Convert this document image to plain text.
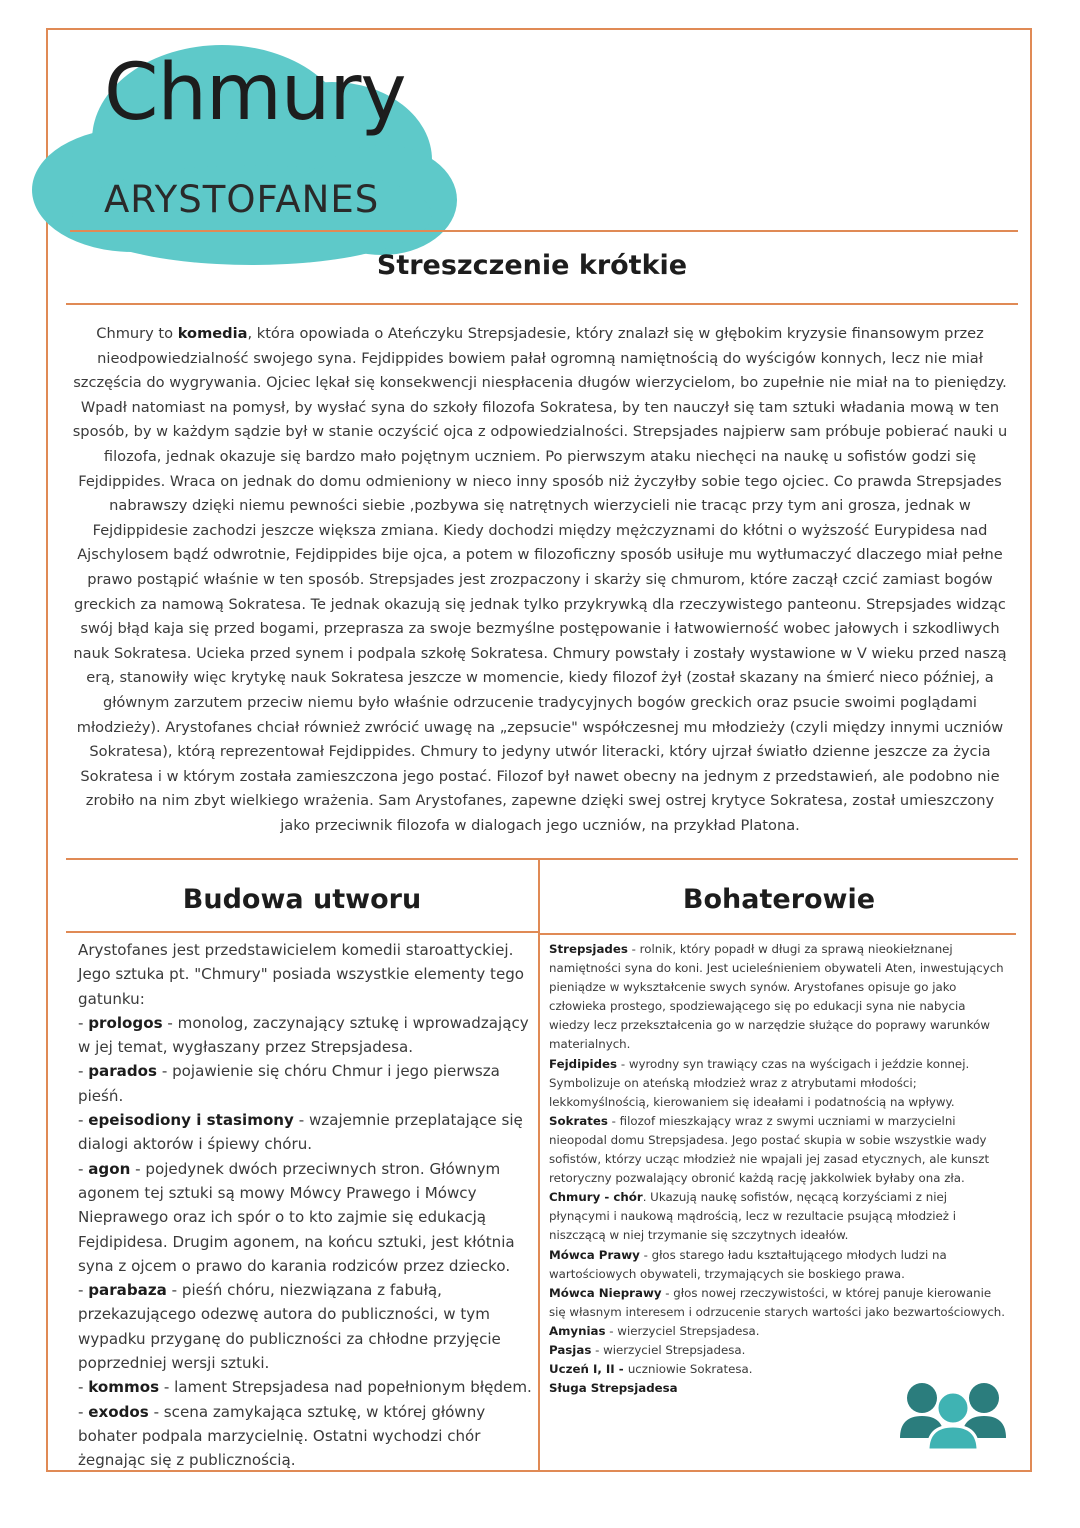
Chmury
ARYSTOFANES
Streszczenie krótkie
Chmury to komedia, która opowiada o Ateńczyku Strepsjadesie, który znalazł się w głębokim kryzysie finansowym przez nieodpowiedzialność swojego syna. Fejdippides bowiem pałał ogromną namiętnością do wyścigów konnych, lecz nie miał szczęścia do wygrywania. Ojciec lękał się konsekwencji niespłacenia długów wierzycielom, bo zupełnie nie miał na to pieniędzy. Wpadł natomiast na pomysł, by wysłać syna do szkoły filozofa Sokratesa, by ten nauczył się tam sztuki władania mową w ten sposób, by w każdym sądzie był w stanie oczyścić ojca z odpowiedzialności. Strepsjades najpierw sam próbuje pobierać nauki u filozofa, jednak okazuje się bardzo mało pojętnym uczniem. Po pierwszym ataku niechęci na naukę u sofistów godzi się Fejdippides. Wraca on jednak do domu odmieniony w nieco inny sposób niż życzyłby sobie tego ojciec. Co prawda Strepsjades nabrawszy dzięki niemu pewności siebie ,pozbywa się natrętnych wierzycieli nie tracąc przy tym ani grosza, jednak w Fejdippidesie zachodzi jeszcze większa zmiana. Kiedy dochodzi między mężczyznami do kłótni o wyższość Eurypidesa nad Ajschylosem bądź odwrotnie, Fejdippides bije ojca, a potem w filozoficzny sposób usiłuje mu wytłumaczyć dlaczego miał pełne prawo postąpić właśnie w ten sposób. Strepsjades jest zrozpaczony i skarży się chmurom, które zaczął czcić zamiast bogów greckich za namową Sokratesa. Te jednak okazują się jednak tylko przykrywką dla rzeczywistego panteonu. Strepsjades widząc swój błąd kaja się przed bogami, przeprasza za swoje bezmyślne postępowanie i łatwowierność wobec jałowych i szkodliwych nauk Sokratesa. Ucieka przed synem i podpala szkołę Sokratesa. Chmury powstały i zostały wystawione w V wieku przed naszą erą, stanowiły więc krytykę nauk Sokratesa jeszcze w momencie, kiedy filozof żył (został skazany na śmierć nieco później, a głównym zarzutem przeciw niemu było właśnie odrzucenie tradycyjnych bogów greckich oraz psucie swoimi poglądami młodzieży). Arystofanes chciał również zwrócić uwagę na „zepsucie" współczesnej mu młodzieży (czyli między innymi uczniów Sokratesa), którą reprezentował Fejdippides. Chmury to jedyny utwór literacki, który ujrzał światło dzienne jeszcze za życia Sokratesa i w którym została zamieszczona jego postać. Filozof był nawet obecny na jednym z przedstawień, ale podobno nie zrobiło na nim zbyt wielkiego wrażenia. Sam Arystofanes, zapewne dzięki swej ostrej krytyce Sokratesa, został umieszczony jako przeciwnik filozofa w dialogach jego uczniów, na przykład Platona.
Budowa utworu	Bohaterowie

Arystofanes jest przedstawicielem komedii staroattyckiej. Jego sztuka pt. "Chmury" posiada wszystkie elementy tego gatunku:

- prologos - monolog, zaczynający sztukę i wprowadzający w jej temat, wygłaszany przez Strepsjadesa.

- parados - pojawienie się chóru Chmur i jego pierwsza pieśń.

- epeisodiony i stasimony - wzajemnie przeplatające się dialogi aktorów i śpiewy chóru.

- agon - pojedynek dwóch przeciwnych stron. Głównym agonem tej sztuki są mowy Mówcy Prawego i Mówcy Nieprawego oraz ich spór o to kto zajmie się edukacją Fejdipidesa. Drugim agonem, na końcu sztuki, jest kłótnia syna z ojcem o prawo do karania rodziców przez dziecko.

- parabaza - pieśń chóru, niezwiązana z fabułą, przekazującego odezwę autora do publiczności, w tym wypadku przyganę do publiczności za chłodne przyjęcie poprzedniej wersji sztuki.

- kommos - lament Strepsjadesa nad popełnionym błędem.

- exodos - scena zamykająca sztukę, w której główny bohater podpala marzycielnię. Ostatni wychodzi chór żegnając się z publicznością.

Strepsjades - rolnik, który popadł w długi za sprawą nieokiełznanej namiętności syna do koni. Jest ucieleśnieniem obywateli Aten, inwestujących pieniądze w wykształcenie swych synów. Arystofanes opisuje go jako człowieka prostego, spodziewającego się po edukacji syna nie nabycia wiedzy lecz przekształcenia go w narzędzie służące do poprawy warunków materialnych.

Fejdipides - wyrodny syn trawiący czas na wyścigach i jeździe konnej. Symbolizuje on ateńską młodzież wraz z atrybutami młodości; lekkomyślnością, kierowaniem się ideałami i podatnością na wpływy.

Sokrates - filozof mieszkający wraz z swymi uczniami w marzycielni nieopodal domu Strepsjadesa. Jego postać skupia w sobie wszystkie wady sofistów, którzy ucząc młodzież nie wpajali jej zasad etycznych, ale kunszt retoryczny pozwalający obronić każdą rację jakkolwiek byłaby ona zła.

Chmury - chór. Ukazują naukę sofistów, nęcącą korzyściami z niej płynącymi i naukową mądrością, lecz w rezultacie psującą młodzież i niszczącą w niej trzymanie się szczytnych ideałów.

Mówca Prawy - głos starego ładu kształtującego młodych ludzi na wartościowych obywateli, trzymających sie boskiego prawa.

Mówca Nieprawy - głos nowej rzeczywistości, w której panuje kierowanie się własnym interesem i odrzucenie starych wartości jako bezwartościowych.

Amynias - wierzyciel Strepsjadesa.

Pasjas - wierzyciel Strepsjadesa.

Uczeń I, II - uczniowie Sokratesa.

Sługa Strepsjadesa
